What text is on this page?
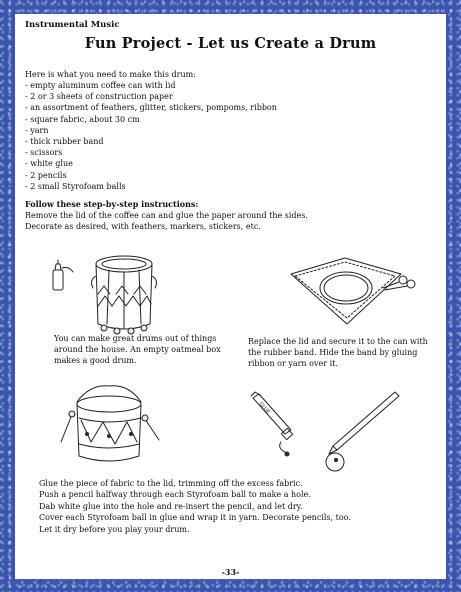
Instrumental Music
Fun Project - Let us Create a Drum
Here is what you need to make this drum:
- empty aluminum coffee can with lid
- 2 or 3 sheets of construction paper
- an assortment of feathers, glitter, stickers, pompoms, ribbon
- square fabric, about 30 cm
- yarn
- thick rubber band
- scissors
- white glue
- 2 pencils
- 2 small Styrofoam balls
Follow these step-by-step instructions:
Remove the lid of the coffee can and glue the paper around the sides.
Decorate as desired, with feathers, markers, stickers, etc.
You can make great drums out of things around the house. An empty oatmeal box makes a good drum.
Replace the lid and secure it to the can with the rubber band. Hide the band by gluing ribbon or yarn over it.
GLUE
Glue the piece of fabric to the lid, trimming off the excess fabric.
Push a pencil halfway through each Styrofoam ball to make a hole.
Dab white glue into the hole and re-insert the pencil, and let dry.
Cover each Styrofoam ball in glue and wrap it in yarn. Decorate pencils, too.
Let it dry before you play your drum.
-33-
